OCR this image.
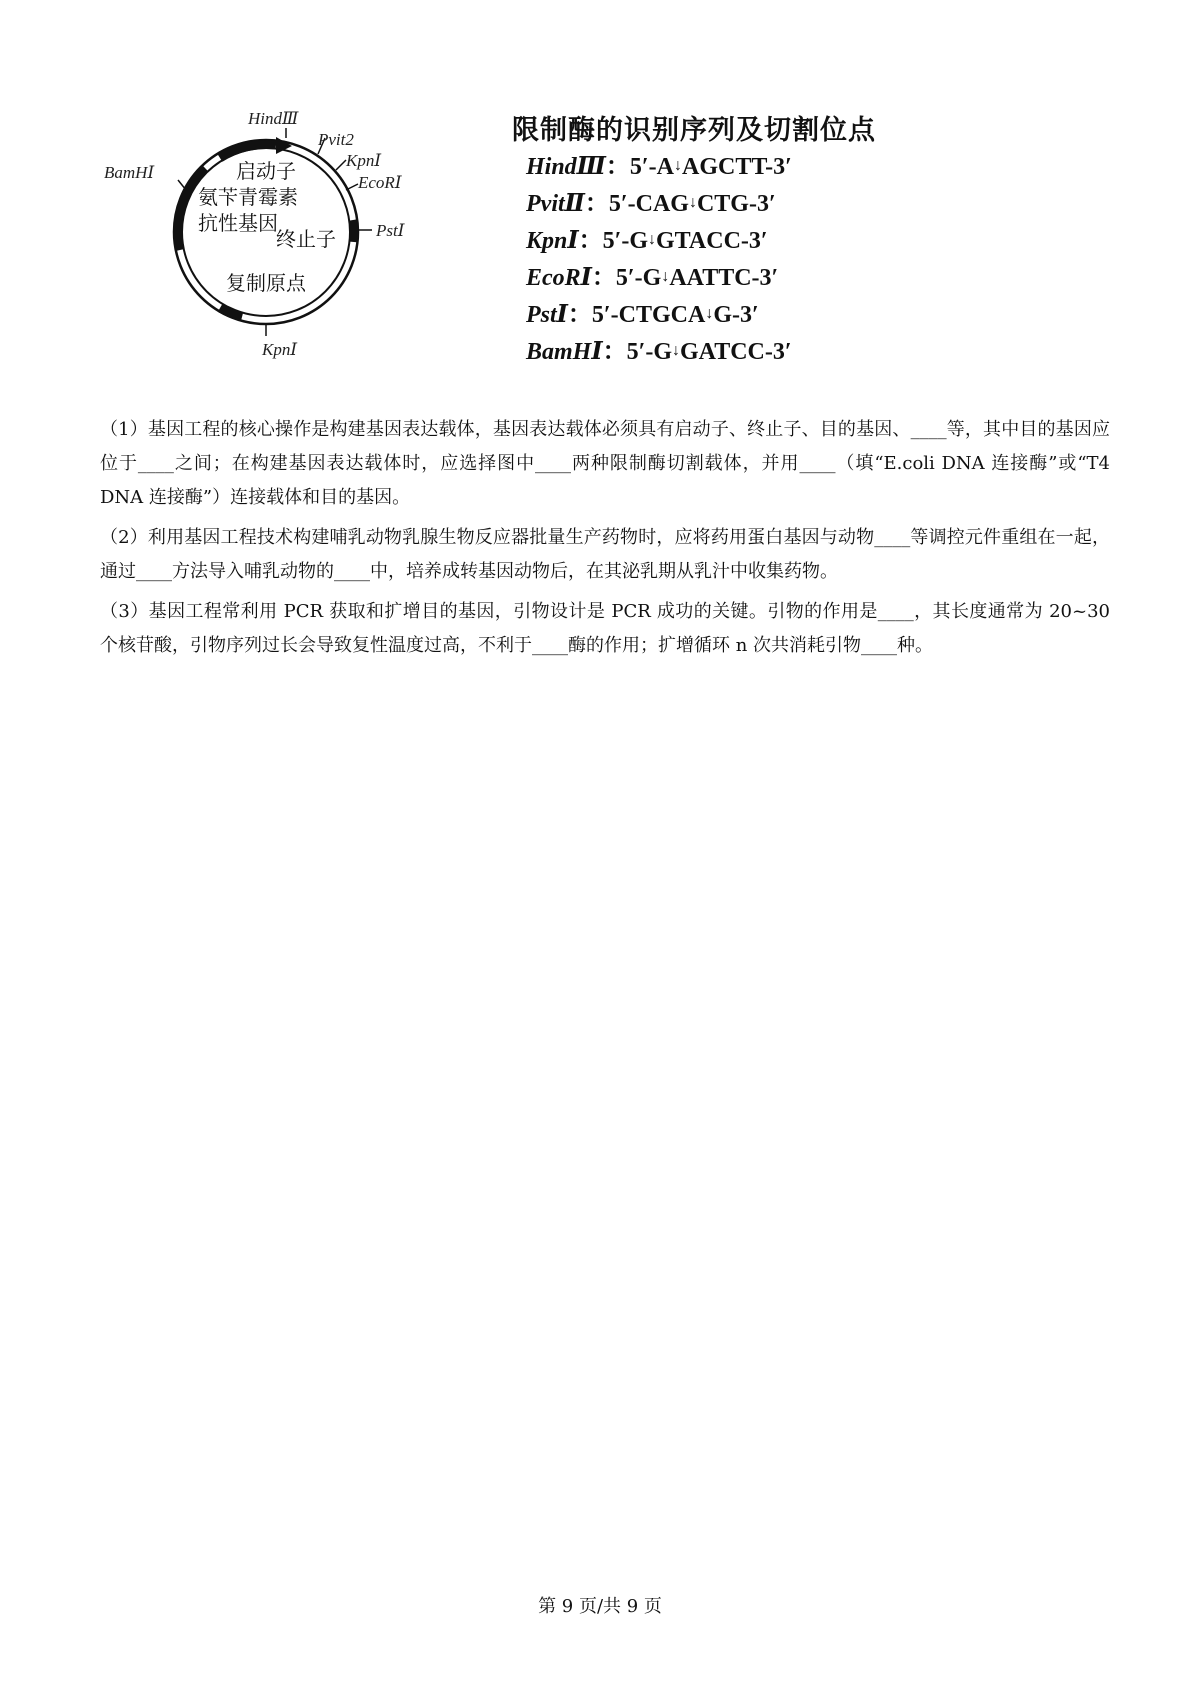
HindⅢ
Pvit2
KpnⅠ
EcoRⅠ
PstⅠ
BamHⅠ
KpnⅠ
启动子
氨苄青霉素
抗性基因
终止子
复制原点
限制酶的识别序列及切割位点
HindⅢ：5′-A↓AGCTT-3′
PvitⅡ：5′-CAG↓CTG-3′
KpnⅠ：5′-G↓GTACC-3′
EcoRⅠ：5′-G↓AATTC-3′
PstⅠ：5′-CTGCA↓G-3′
BamHⅠ：5′-G↓GATCC-3′

（1）基因工程的核心操作是构建基因表达载体，基因表达载体必须具有启动子、终止子、目的基因、____等，其中目的基因应位于____之间；在构建基因表达载体时，应选择图中____两种限制酶切割载体，并用____（填“E.coli DNA 连接酶”或“T4 DNA 连接酶”）连接载体和目的基因。

（2）利用基因工程技术构建哺乳动物乳腺生物反应器批量生产药物时，应将药用蛋白基因与动物____等调控元件重组在一起，通过____方法导入哺乳动物的____中，培养成转基因动物后，在其泌乳期从乳汁中收集药物。

（3）基因工程常利用 PCR 获取和扩增目的基因，引物设计是 PCR 成功的关键。引物的作用是____，其长度通常为 20~30 个核苷酸，引物序列过长会导致复性温度过高，不利于____酶的作用；扩增循环 n 次共消耗引物____种。

第 9 页/共 9 页
